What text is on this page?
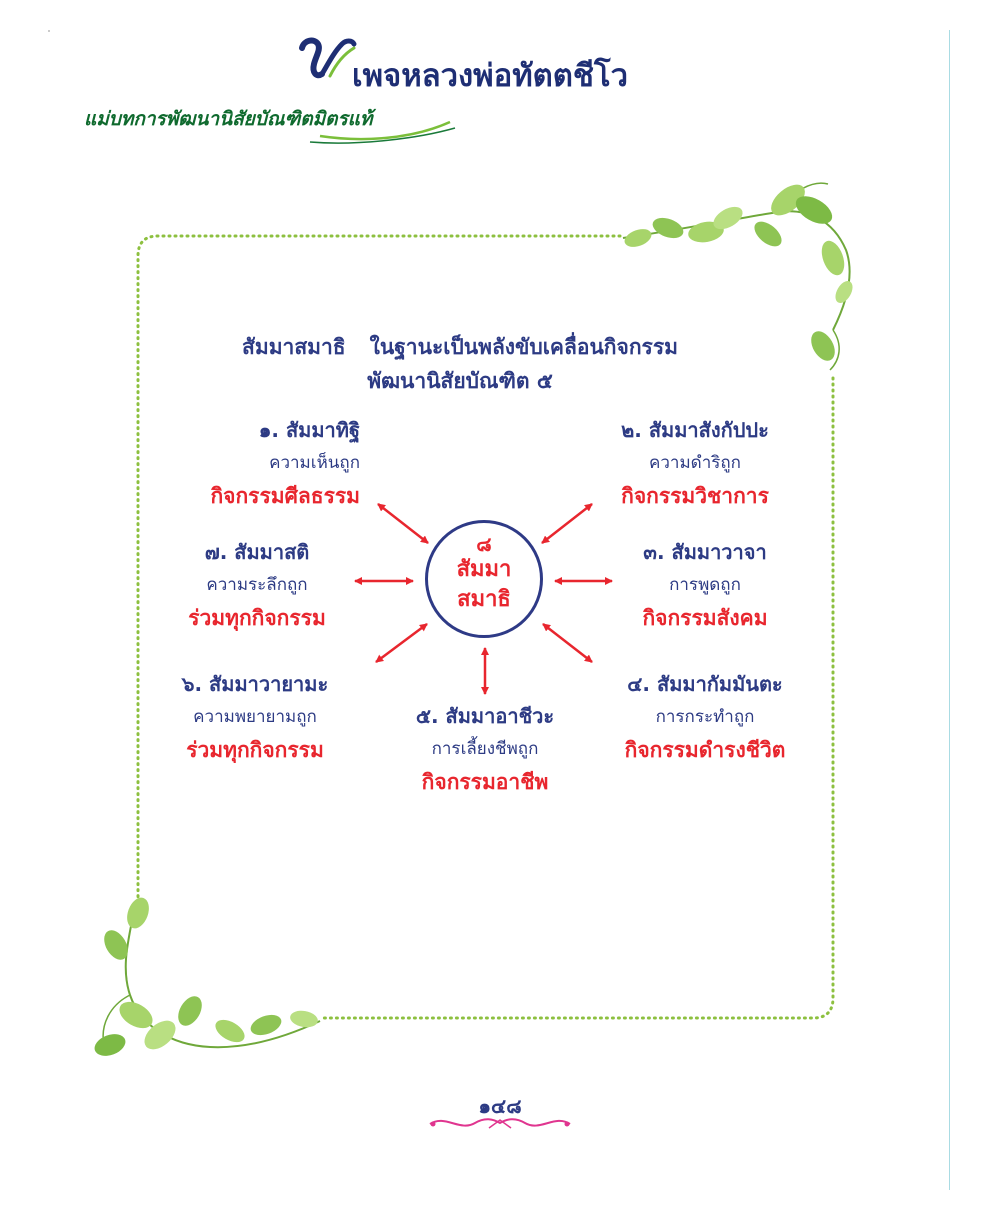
เพจหลวงพ่อทัตตชีโว
แม่บทการพัฒนานิสัยบัณฑิตมิตรแท้
สัมมาสมาธิ ในฐานะเป็นพลังขับเคลื่อนกิจกรรม
พัฒนานิสัยบัณฑิต ๕
๑. สัมมาทิฐิ
ความเห็นถูก
กิจกรรมศีลธรรม
๒. สัมมาสังกัปปะ
ความดำริถูก
กิจกรรมวิชาการ
๓. สัมมาวาจา
การพูดถูก
กิจกรรมสังคม
๔. สัมมากัมมันตะ
การกระทำถูก
กิจกรรมดำรงชีวิต
๕. สัมมาอาชีวะ
การเลี้ยงชีพถูก
กิจกรรมอาชีพ
๖. สัมมาวายามะ
ความพยายามถูก
ร่วมทุกกิจกรรม
๗. สัมมาสติ
ความระลึกถูก
ร่วมทุกกิจกรรม
๘
สัมมา
สมาธิ
๑๔๘
